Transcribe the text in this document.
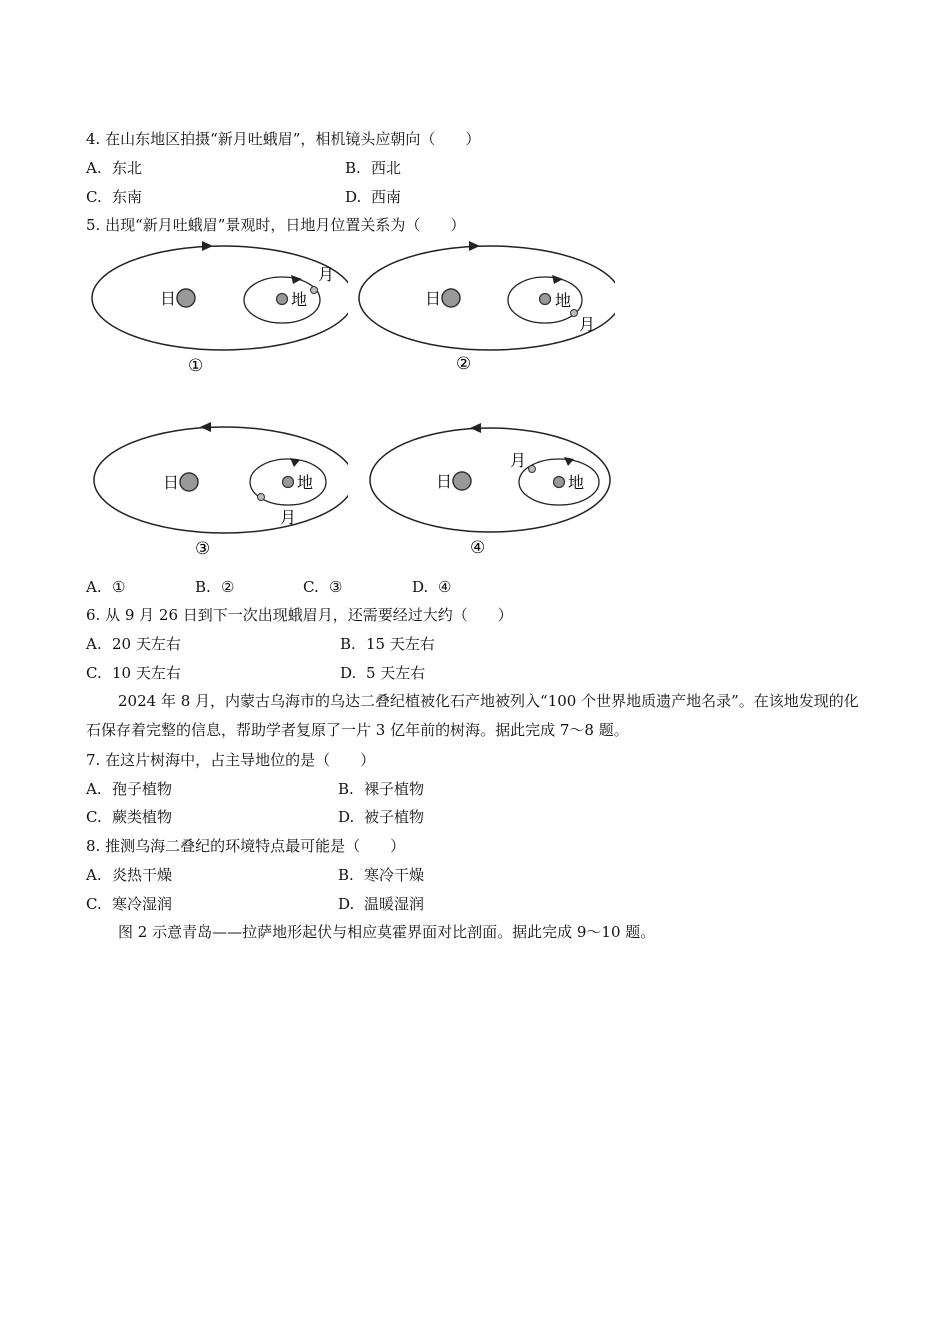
4. 在山东地区拍摄“新月吐蛾眉”，相机镜头应朝向（　　）
A. 东北	B. 西北
C. 东南	D. 西南
5. 出现“新月吐蛾眉”景观时，日地月位置关系为（　　）
日	地
月
①
日	地
月
②
日	地
月
③
日	地
月
④
A. ①	B. ②	C. ③	D. ④
6. 从 9 月 26 日到下一次出现蛾眉月，还需要经过大约（　　）
A. 20 天左右	B. 15 天左右
C. 10 天左右	D. 5 天左右
2024 年 8 月，内蒙古乌海市的乌达二叠纪植被化石产地被列入“100 个世界地质遗产地名录”。在该地发现的化石保存着完整的信息，帮助学者复原了一片 3 亿年前的树海。据此完成 7～8 题。
7. 在这片树海中，占主导地位的是（　　）
A. 孢子植物	B. 裸子植物
C. 蕨类植物	D. 被子植物
8. 推测乌海二叠纪的环境特点最可能是（　　）
A. 炎热干燥	B. 寒冷干燥
C. 寒冷湿润	D. 温暖湿润
图 2 示意青岛——拉萨地形起伏与相应莫霍界面对比剖面。据此完成 9～10 题。
